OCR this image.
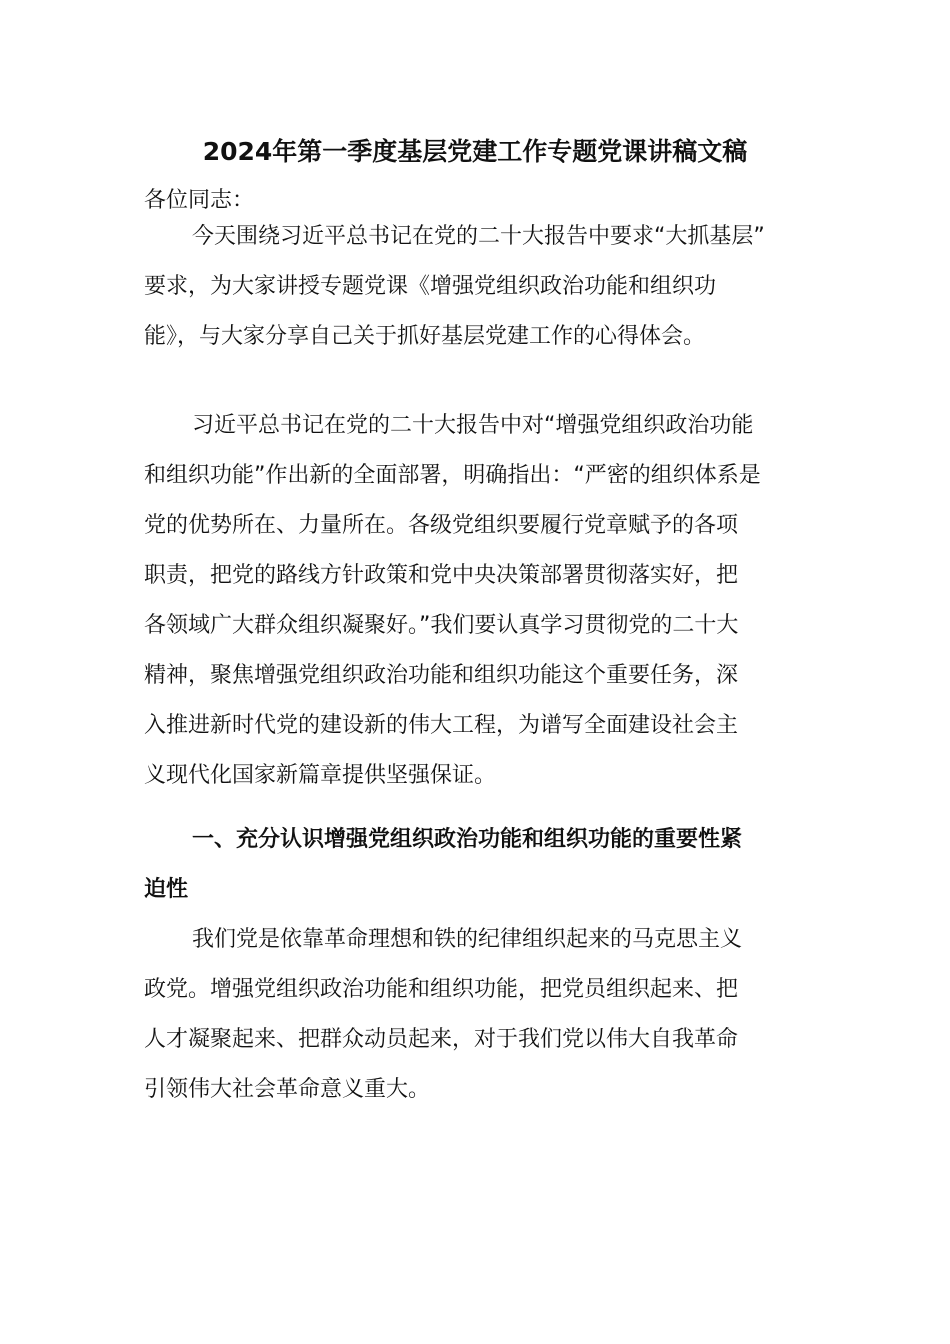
2024年第一季度基层党建工作专题党课讲稿文稿
各位同志：
今天围绕习近平总书记在党的二十大报告中要求“大抓基层”
要求，为大家讲授专题党课《增强党组织政治功能和组织功
能》，与大家分享自己关于抓好基层党建工作的心得体会。
习近平总书记在党的二十大报告中对“增强党组织政治功能
和组织功能”作出新的全面部署，明确指出：“严密的组织体系是
党的优势所在、力量所在。各级党组织要履行党章赋予的各项
职责，把党的路线方针政策和党中央决策部署贯彻落实好，把
各领域广大群众组织凝聚好。”我们要认真学习贯彻党的二十大
精神，聚焦增强党组织政治功能和组织功能这个重要任务，深
入推进新时代党的建设新的伟大工程，为谱写全面建设社会主
义现代化国家新篇章提供坚强保证。
一、充分认识增强党组织政治功能和组织功能的重要性紧
迫性
我们党是依靠革命理想和铁的纪律组织起来的马克思主义
政党。增强党组织政治功能和组织功能，把党员组织起来、把
人才凝聚起来、把群众动员起来，对于我们党以伟大自我革命
引领伟大社会革命意义重大。
